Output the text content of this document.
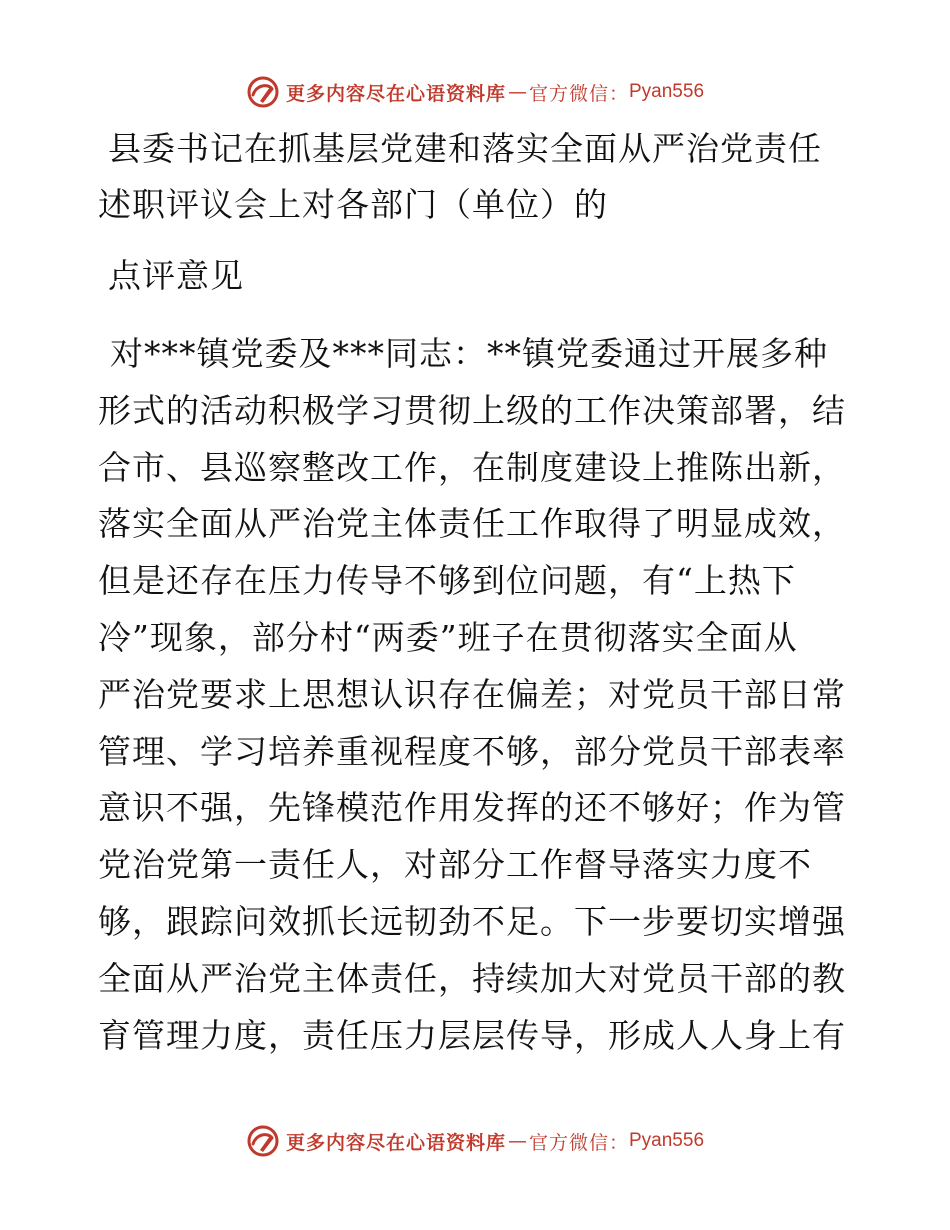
更多内容尽在心语资料库 — 官方微信： Pyan556
县委书记在抓基层党建和落实全面从严治党责任
述职评议会上对各部门（单位）的
点评意见
对***镇党委及***同志：**镇党委通过开展多种
形式的活动积极学习贯彻上级的工作决策部署，结
合市、县巡察整改工作，在制度建设上推陈出新，
落实全面从严治党主体责任工作取得了明显成效，
但是还存在压力传导不够到位问题，有“上热下
冷”现象，部分村“两委”班子在贯彻落实全面从
严治党要求上思想认识存在偏差；对党员干部日常
管理、学习培养重视程度不够，部分党员干部表率
意识不强，先锋模范作用发挥的还不够好；作为管
党治党第一责任人，对部分工作督导落实力度不
够，跟踪问效抓长远韧劲不足。下一步要切实增强
全面从严治党主体责任，持续加大对党员干部的教
育管理力度，责任压力层层传导，形成人人身上有
更多内容尽在心语资料库 — 官方微信： Pyan556
